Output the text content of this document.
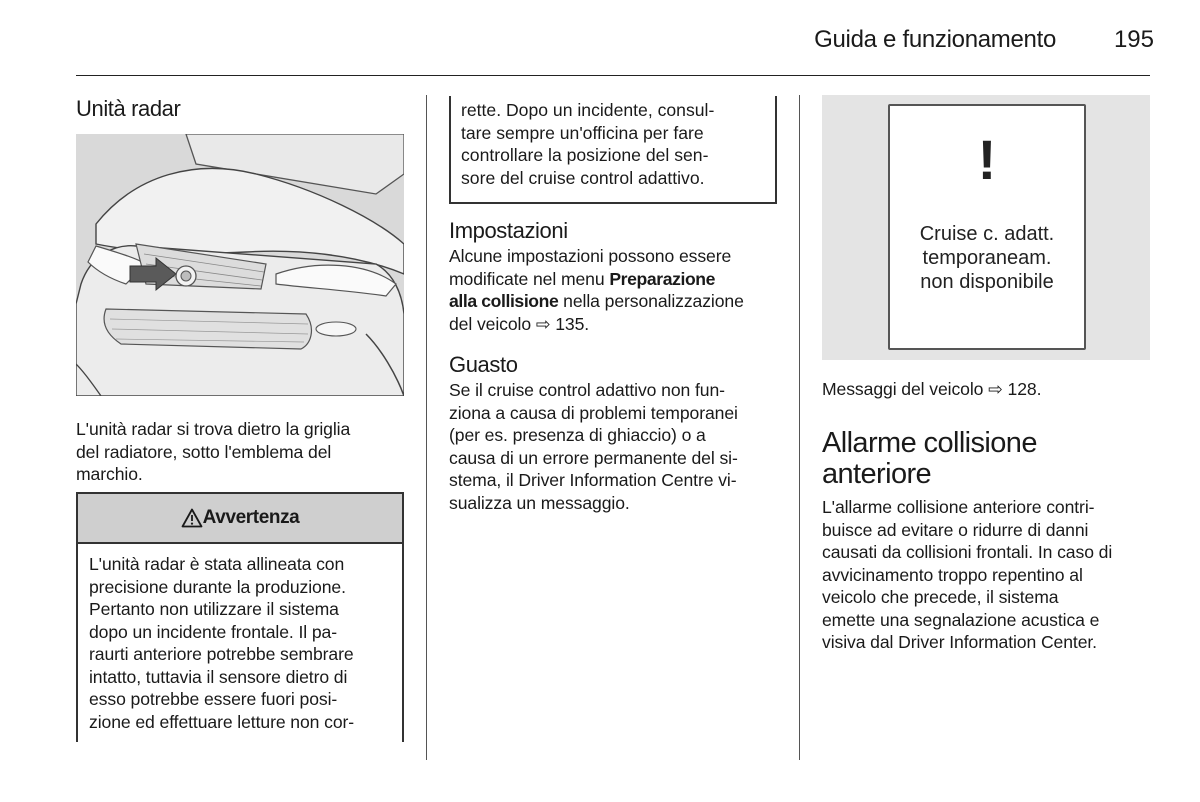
Guida e funzionamento	195
Unità radar
L'unità radar si trova dietro la griglia
del radiatore, sotto l'emblema del
marchio.
Avvertenza
L'unità radar è stata allineata con
precisione durante la produzione.
Pertanto non utilizzare il sistema
dopo un incidente frontale. Il pa-
raurti anteriore potrebbe sembrare
intatto, tuttavia il sensore dietro di
esso potrebbe essere fuori posi-
zione ed effettuare letture non cor-
rette. Dopo un incidente, consul-
tare sempre un'officina per fare
controllare la posizione del sen-
sore del cruise control adattivo.
Impostazioni
Alcune impostazioni possono essere
modificate nel menu Preparazione
alla collisione nella personalizzazione
del veicolo ⇨ 135.
Guasto
Se il cruise control adattivo non fun-
ziona a causa di problemi temporanei
(per es. presenza di ghiaccio) o a
causa di un errore permanente del si-
stema, il Driver Information Centre vi-
sualizza un messaggio.
!
Cruise c. adatt.
temporaneam.
non disponibile
Messaggi del veicolo ⇨ 128.
Allarme collisione
anteriore
L'allarme collisione anteriore contri-
buisce ad evitare o ridurre di danni
causati da collisioni frontali. In caso di
avvicinamento troppo repentino al
veicolo che precede, il sistema
emette una segnalazione acustica e
visiva dal Driver Information Center.
